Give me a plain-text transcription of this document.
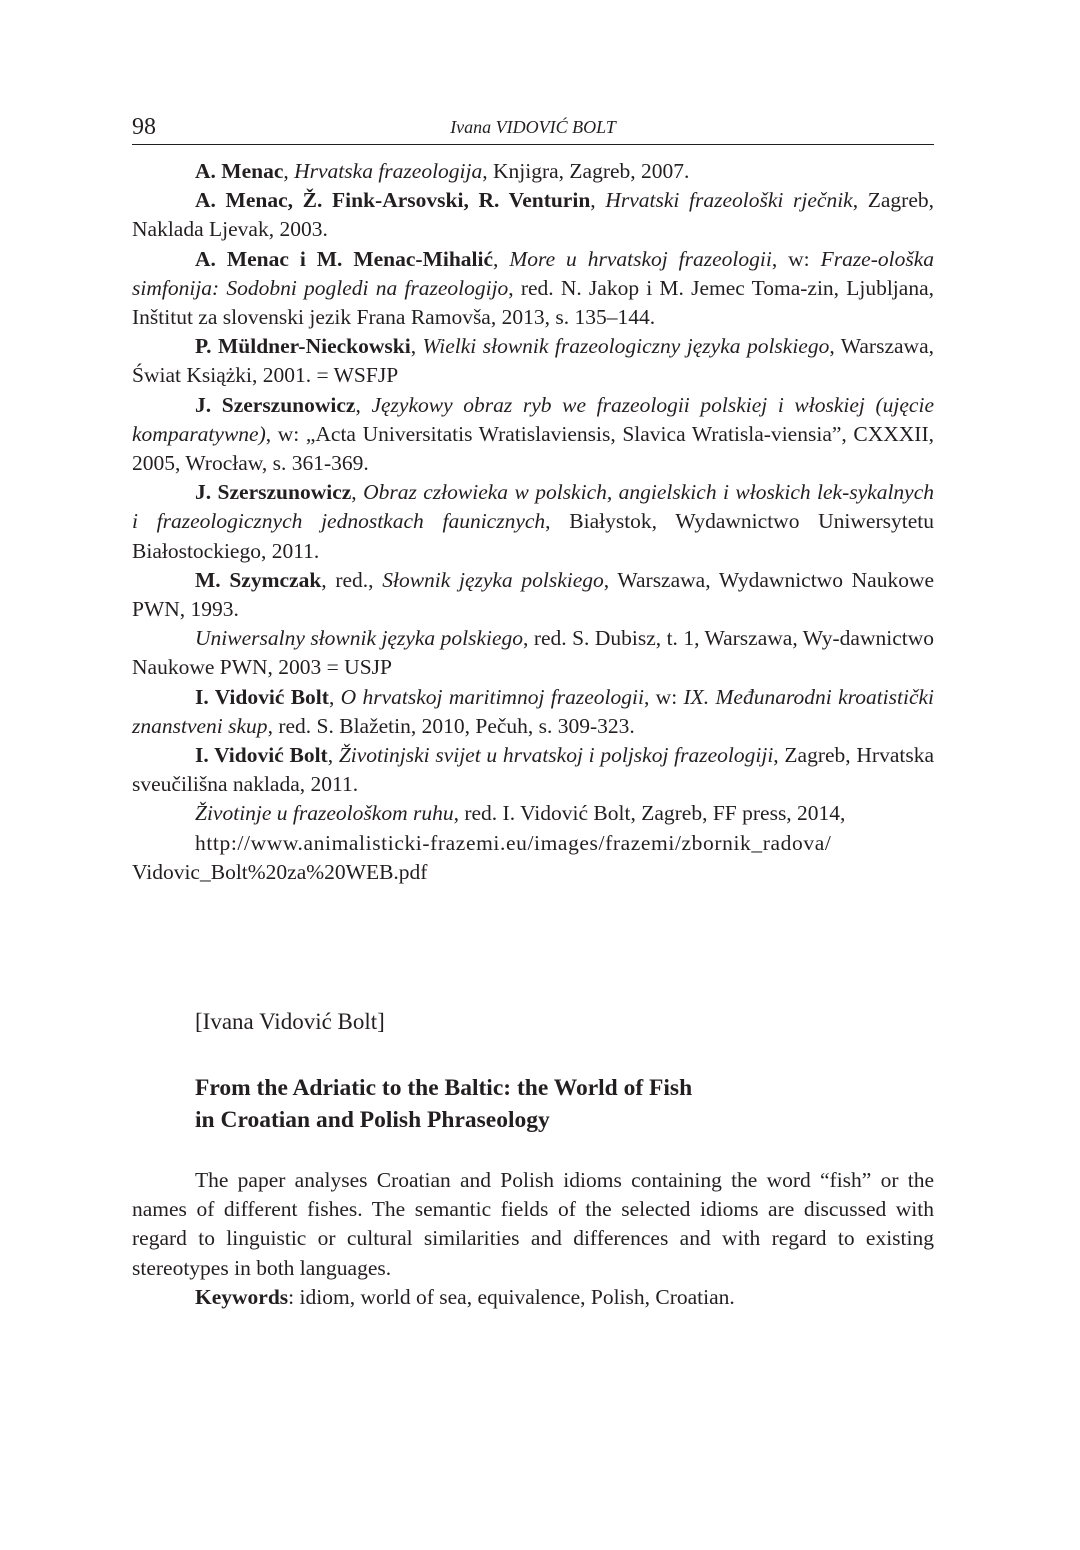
98	Ivana VIDOVIĆ BOLT

A. Menac, Hrvatska frazeologija, Knjigra, Zagreb, 2007.

A. Menac, Ž. Fink-Arsovski, R. Venturin, Hrvatski frazeološki rječnik, Zagreb, Naklada Ljevak, 2003.

A. Menac i M. Menac-Mihalić, More u hrvatskoj frazeologii, w: Fraze-ološka simfonija: Sodobni pogledi na frazeologijo, red. N. Jakop i M. Jemec Toma-zin, Ljubljana, Inštitut za slovenski jezik Frana Ramovša, 2013, s. 135–144.

P. Müldner-Nieckowski, Wielki słownik frazeologiczny języka polskiego, Warszawa, Świat Książki, 2001. = WSFJP

J. Szerszunowicz, Językowy obraz ryb we frazeologii polskiej i włoskiej (ujęcie komparatywne), w: „Acta Universitatis Wratislaviensis, Slavica Wratisla-viensia”, CXXXII, 2005, Wrocław, s. 361-369.

J. Szerszunowicz, Obraz człowieka w polskich, angielskich i włoskich lek-sykalnych i frazeologicznych jednostkach faunicznych, Białystok, Wydawnictwo Uniwersytetu Białostockiego, 2011.

M. Szymczak, red., Słownik języka polskiego, Warszawa, Wydawnictwo Naukowe PWN, 1993.

Uniwersalny słownik języka polskiego, red. S. Dubisz, t. 1, Warszawa, Wy-dawnictwo Naukowe PWN, 2003 = USJP

I. Vidović Bolt, O hrvatskoj maritimnoj frazeologii, w: IX. Međunarodni kroatistički znanstveni skup, red. S. Blažetin, 2010, Pečuh, s. 309-323.

I. Vidović Bolt, Životinjski svijet u hrvatskoj i poljskoj frazeologiji, Zagreb, Hrvatska sveučilišna naklada, 2011.

Životinje u frazeološkom ruhu, red. I. Vidović Bolt, Zagreb, FF press, 2014,

http://www.animalisticki-frazemi.eu/images/frazemi/zbornik_radova/

Vidovic_Bolt%20za%20WEB.pdf

[Ivana Vidović Bolt]
From the Adriatic to the Baltic: the World of Fish
in Croatian and Polish Phraseology

The paper analyses Croatian and Polish idioms containing the word “fish” or the names of different fishes. The semantic fields of the selected idioms are discussed with regard to linguistic or cultural similarities and differences and with regard to existing stereotypes in both languages.

Keywords: idiom, world of sea, equivalence, Polish, Croatian.
